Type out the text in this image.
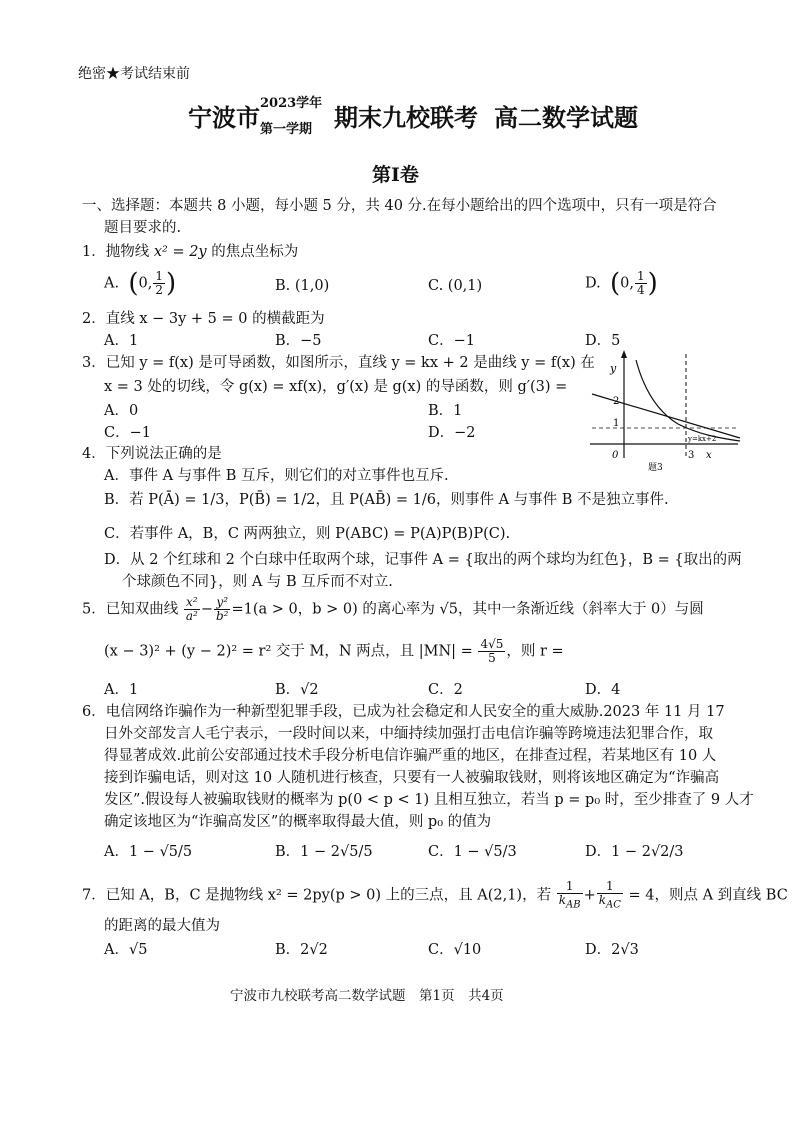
绝密★考试结束前
宁波市 2023学年
第一学期 期末九校联考 高二数学试题
第Ⅰ卷
一、选择题：本题共 8 小题，每小题 5 分，共 40 分.在每小题给出的四个选项中，只有一项是符合
题目要求的.
1．抛物线 x² = 2y 的焦点坐标为
A. (0, $\frac{1}{2}$ )	B. (1,0)	C. (0,1)	D. (0, $\frac{1}{4}$ )
2．直线 x − 3y + 5 = 0 的横截距为
A．1	B．−5	C．−1	D．5
3．已知 y = f(x) 是可导函数，如图所示，直线 y = kx + 2 是曲线 y = f(x) 在
x = 3 处的切线，令 g(x) = xf(x)，g′(x) 是 g(x) 的导函数，则 g′(3) =
A．0	B．1
C．−1	D．−2
y
2
1
0	3 x
y=kx+2
题3
4．下列说法正确的是
A．事件 A 与事件 B 互斥，则它们的对立事件也互斥.
B．若 P(Ā) = 1/3，P(B̄) = 1/2，且 P(AB̄) = 1/6，则事件 A 与事件 B 不是独立事件.
C．若事件 A，B，C 两两独立，则 P(ABC) = P(A)P(B)P(C).
D．从 2 个红球和 2 个白球中任取两个球，记事件 A = {取出的两个球均为红色}，B = {取出的两
个球颜色不同}，则 A 与 B 互斥而不对立.
5．已知双曲线 $\frac{\text{x²}}{\text{a²}} - \frac{\text{y²}}{\text{b²}} =1(a > 0$，b > 0) 的离心率为 √5，其中一条渐近线（斜率大于 0）与圆
(x − 3)² + (y − 2)² = r² 交于 M，N 两点，且 $|MN| = \frac{4√5}{5}$ ，则 r =
A．1	B．√2	C．2	D．4
6．电信网络诈骗作为一种新型犯罪手段，已成为社会稳定和人民安全的重大威胁.2023 年 11 月 17
日外交部发言人毛宁表示，一段时间以来，中缅持续加强打击电信诈骗等跨境违法犯罪合作，取
得显著成效.此前公安部通过技术手段分析电信诈骗严重的地区，在排查过程，若某地区有 10 人
接到诈骗电话，则对这 10 人随机进行核查，只要有一人被骗取钱财，则将该地区确定为“诈骗高
发区”.假设每人被骗取钱财的概率为 p(0 < p < 1) 且相互独立，若当 p = p₀ 时，至少排查了 9 人才
确定该地区为“诈骗高发区”的概率取得最大值，则 p₀ 的值为
A．1 − √5/5	B．1 − 2√5/5	C．1 − √5/3	D．1 − 2√2/3
7．已知 A，B，C 是抛物线 x² = 2py(p > 0) 上的三点，且 A(2,1)，若 $\frac{1}{k_{AB}} + \frac{1}{k_{AC}} = 4$，则点 A 到直线 BC
的距离的最大值为
A．√5	B．2√2	C．√10	D．2√3
宁波市九校联考高二数学试题　第1页　共4页
